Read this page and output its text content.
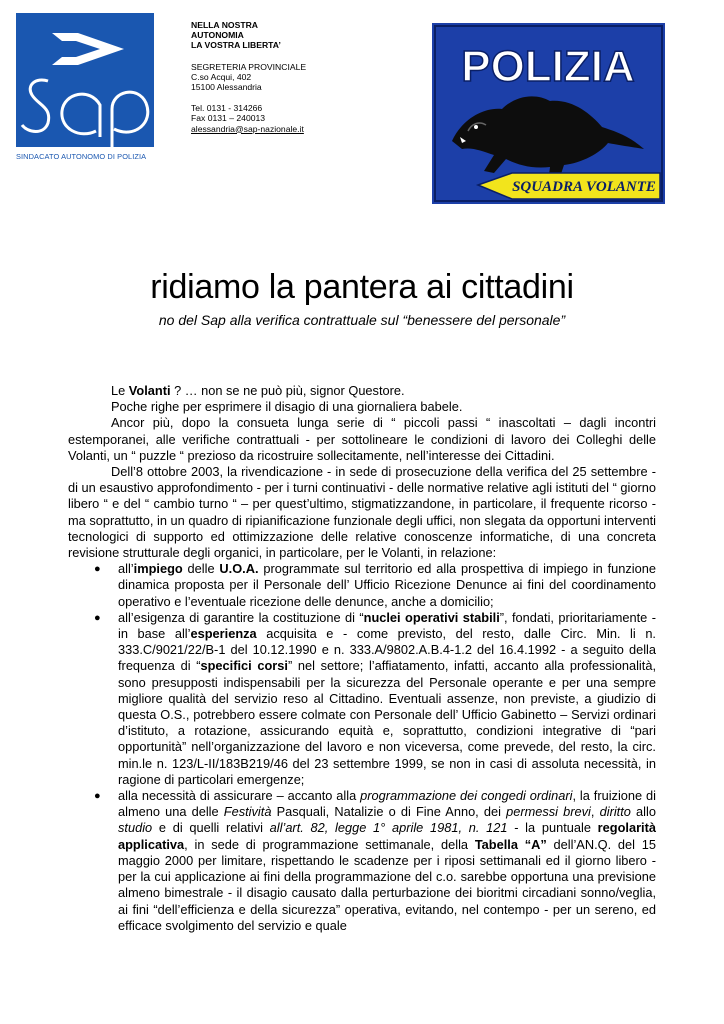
SINDACATO AUTONOMO DI POLIZIA
NELLA NOSTRA
AUTONOMIA
LA VOSTRA LIBERTA’
SEGRETERIA PROVINCIALE
C.so Acqui, 402
15100 Alessandria
Tel. 0131 - 314266
Fax 0131 – 240013
alessandria@sap-nazionale.it
POLIZIA
SQUADRA VOLANTE
ridiamo la pantera ai cittadini
no del Sap alla verifica contrattuale sul “benessere del personale”

Le Volanti ? … non se ne può più, signor Questore.

Poche righe per esprimere il disagio di una giornaliera babele.

Ancor più, dopo la consueta lunga serie di “ piccoli passi “ inascoltati – dagli incontri estemporanei, alle verifiche contrattuali - per sottolineare le condizioni di lavoro dei Colleghi delle Volanti, un “ puzzle “ prezioso da ricostruire sollecitamente, nell’interesse dei Cittadini.

Dell’8 ottobre 2003, la rivendicazione - in sede di prosecuzione della verifica del 25 settembre - di un esaustivo approfondimento - per i turni continuativi - delle normative relative agli istituti del “ giorno libero “ e del “ cambio turno “ – per quest’ultimo, stigmatizzandone, in particolare, il frequente ricorso - ma soprattutto, in un quadro di ripianificazione funzionale degli uffici, non slegata da opportuni interventi tecnologici di supporto ed ottimizzazione delle relative conoscenze informatiche, di una concreta revisione strutturale degli organici, in particolare, per le Volanti, in relazione:

● all’impiego delle U.O.A. programmate sul territorio ed alla prospettiva di impiego in funzione dinamica proposta per il Personale dell’ Ufficio Ricezione Denunce ai fini del coordinamento operativo e l’eventuale ricezione delle denunce, anche a domicilio;
● all’esigenza di garantire la costituzione di “nuclei operativi stabili”, fondati, prioritariamente - in base all’esperienza acquisita e - come previsto, del resto, dalle Circ. Min. li n. 333.C/9021/22/B-1 del 10.12.1990 e n. 333.A/9802.A.B.4-1.2 del 16.4.1992 - a seguito della frequenza di “specifici corsi” nel settore; l’affiatamento, infatti, accanto alla professionalità, sono presupposti indispensabili per la sicurezza del Personale operante e per una sempre migliore qualità del servizio reso al Cittadino. Eventuali assenze, non previste, a giudizio di questa O.S., potrebbero essere colmate con Personale dell’ Ufficio Gabinetto – Servizi ordinari d’istituto, a rotazione, assicurando equità e, soprattutto, condizioni integrative di “pari opportunità” nell’organizzazione del lavoro e non viceversa, come prevede, del resto, la circ. min.le n. 123/L-II/183B219/46 del 23 settembre 1999, se non in casi di assoluta necessità, in ragione di particolari emergenze;
● alla necessità di assicurare – accanto alla programmazione dei congedi ordinari, la fruizione di almeno una delle Festività Pasquali, Natalizie o di Fine Anno, dei permessi brevi, diritto allo studio e di quelli relativi all’art. 82, legge 1° aprile 1981, n. 121 - la puntuale regolarità applicativa, in sede di programmazione settimanale, della Tabella “A” dell’AN.Q. del 15 maggio 2000 per limitare, rispettando le scadenze per i riposi settimanali ed il giorno libero - per la cui applicazione ai fini della programmazione del c.o. sarebbe opportuna una previsione almeno bimestrale - il disagio causato dalla perturbazione dei bioritmi circadiani sonno/veglia, ai fini “dell’efficienza e della sicurezza” operativa, evitando, nel contempo - per un sereno, ed efficace svolgimento del servizio e quale
